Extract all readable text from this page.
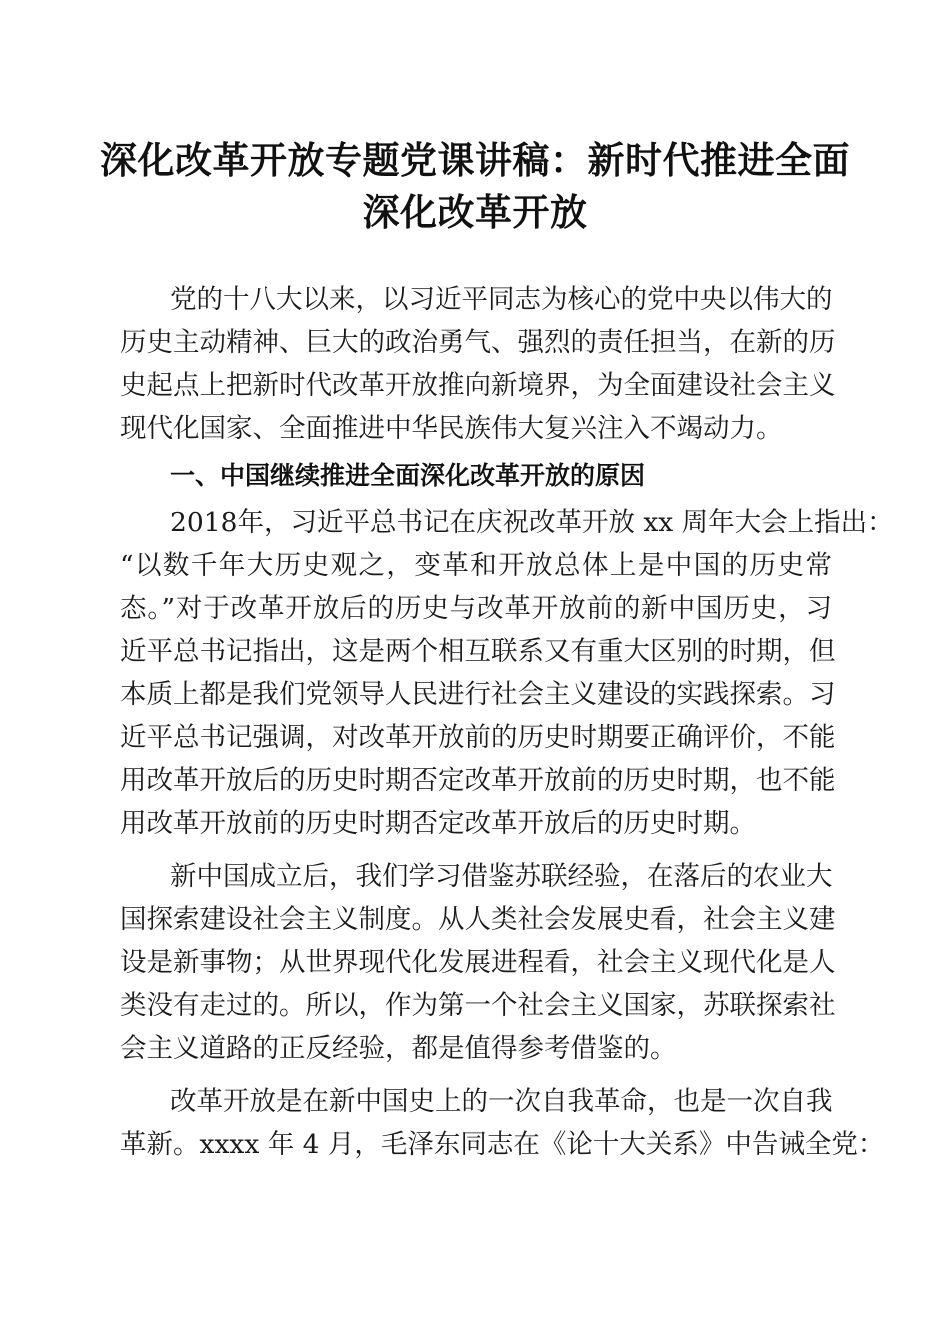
深化改革开放专题党课讲稿：新时代推进全面
深化改革开放
党的十八大以来，以习近平同志为核心的党中央以伟大的
历史主动精神、巨大的政治勇气、强烈的责任担当，在新的历
史起点上把新时代改革开放推向新境界，为全面建设社会主义
现代化国家、全面推进中华民族伟大复兴注入不竭动力。
一、中国继续推进全面深化改革开放的原因
2018年，习近平总书记在庆祝改革开放 xx 周年大会上指出：
“以数千年大历史观之，变革和开放总体上是中国的历史常
态。”对于改革开放后的历史与改革开放前的新中国历史，习
近平总书记指出，这是两个相互联系又有重大区别的时期，但
本质上都是我们党领导人民进行社会主义建设的实践探索。习
近平总书记强调，对改革开放前的历史时期要正确评价，不能
用改革开放后的历史时期否定改革开放前的历史时期，也不能
用改革开放前的历史时期否定改革开放后的历史时期。
新中国成立后，我们学习借鉴苏联经验，在落后的农业大
国探索建设社会主义制度。从人类社会发展史看，社会主义建
设是新事物；从世界现代化发展进程看，社会主义现代化是人
类没有走过的。所以，作为第一个社会主义国家，苏联探索社
会主义道路的正反经验，都是值得参考借鉴的。
改革开放是在新中国史上的一次自我革命，也是一次自我
革新。xxxx 年 4 月，毛泽东同志在《论十大关系》中告诫全党：
